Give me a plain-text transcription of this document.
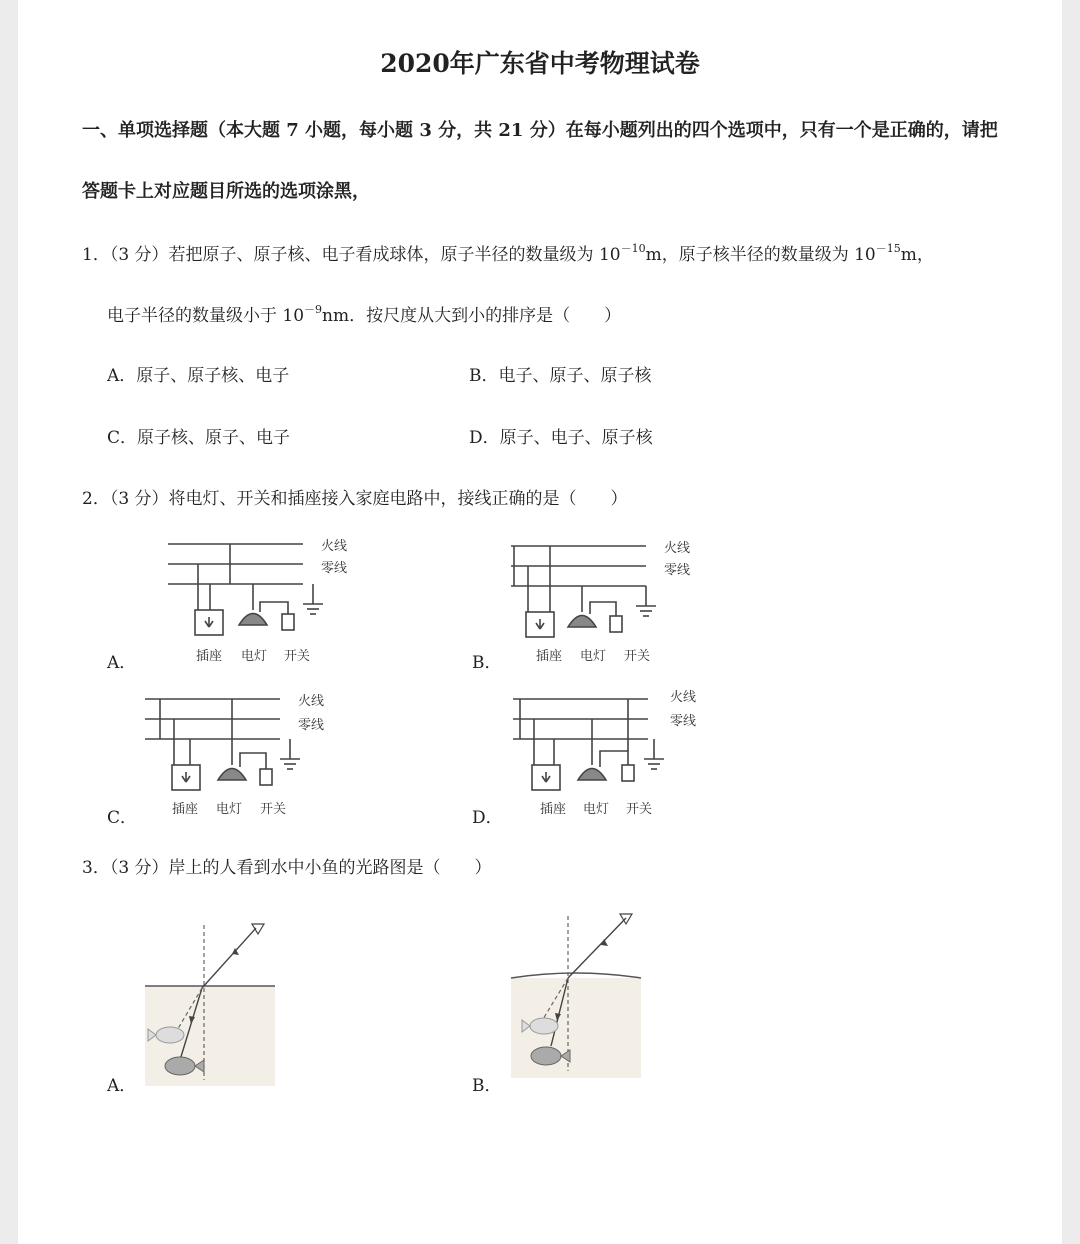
2020年广东省中考物理试卷
一、单项选择题（本大题 7 小题，每小题 3 分，共 21 分）在每小题列出的四个选项中，只有一个是正确的，请把
答题卡上对应题目所选的选项涂黑，
1．（3 分）若把原子、原子核、电子看成球体，原子半径的数量级为 $10^{-10}m$，原子核半径的数量级为 $10^{-15}m$，
电子半径的数量级小于 $10^{-9}nm$．按尺度从大到小的排序是（　　）
A．原子、原子核、电子	B．电子、原子、原子核
C．原子核、原子、电子	D．原子、电子、原子核
2．（3 分）将电灯、开关和插座接入家庭电路中，接线正确的是（　　）
A．	B．
C．	D．
火线
零线
插座 电灯 开关
火线
零线
插座 电灯 开关
火线
零线
插座 电灯 开关
火线
零线
插座 电灯 开关
3．（3 分）岸上的人看到水中小鱼的光路图是（　　）
A．	B．
